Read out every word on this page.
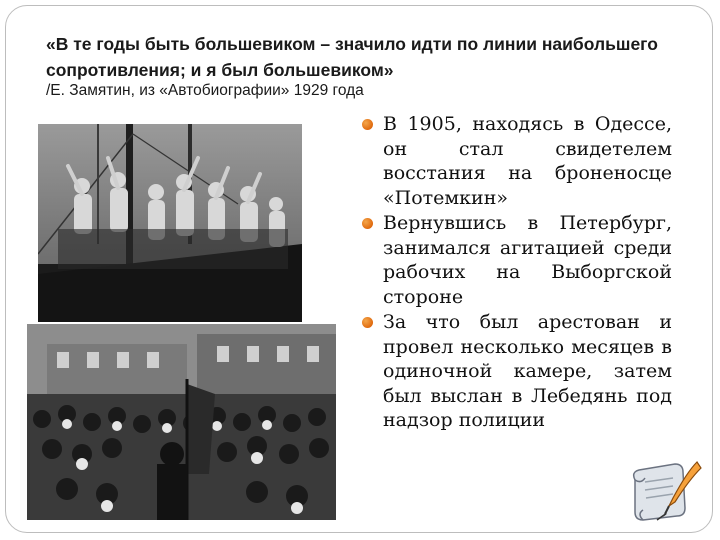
«В те годы быть большевиком – значило идти по линии наибольшего сопротивления; и я был большевиком»
/Е. Замятин, из «Автобиографии» 1929 года
В 1905, находясь в Одессе, он стал свидетелем восстания на броненосце «Потемкин»
Вернувшись в Петербург, занимался агитацией среди рабочих на Выборгской стороне
За что был арестован и провел несколько месяцев в одиночной камере, затем был выслан в Лебедянь под надзор полиции
